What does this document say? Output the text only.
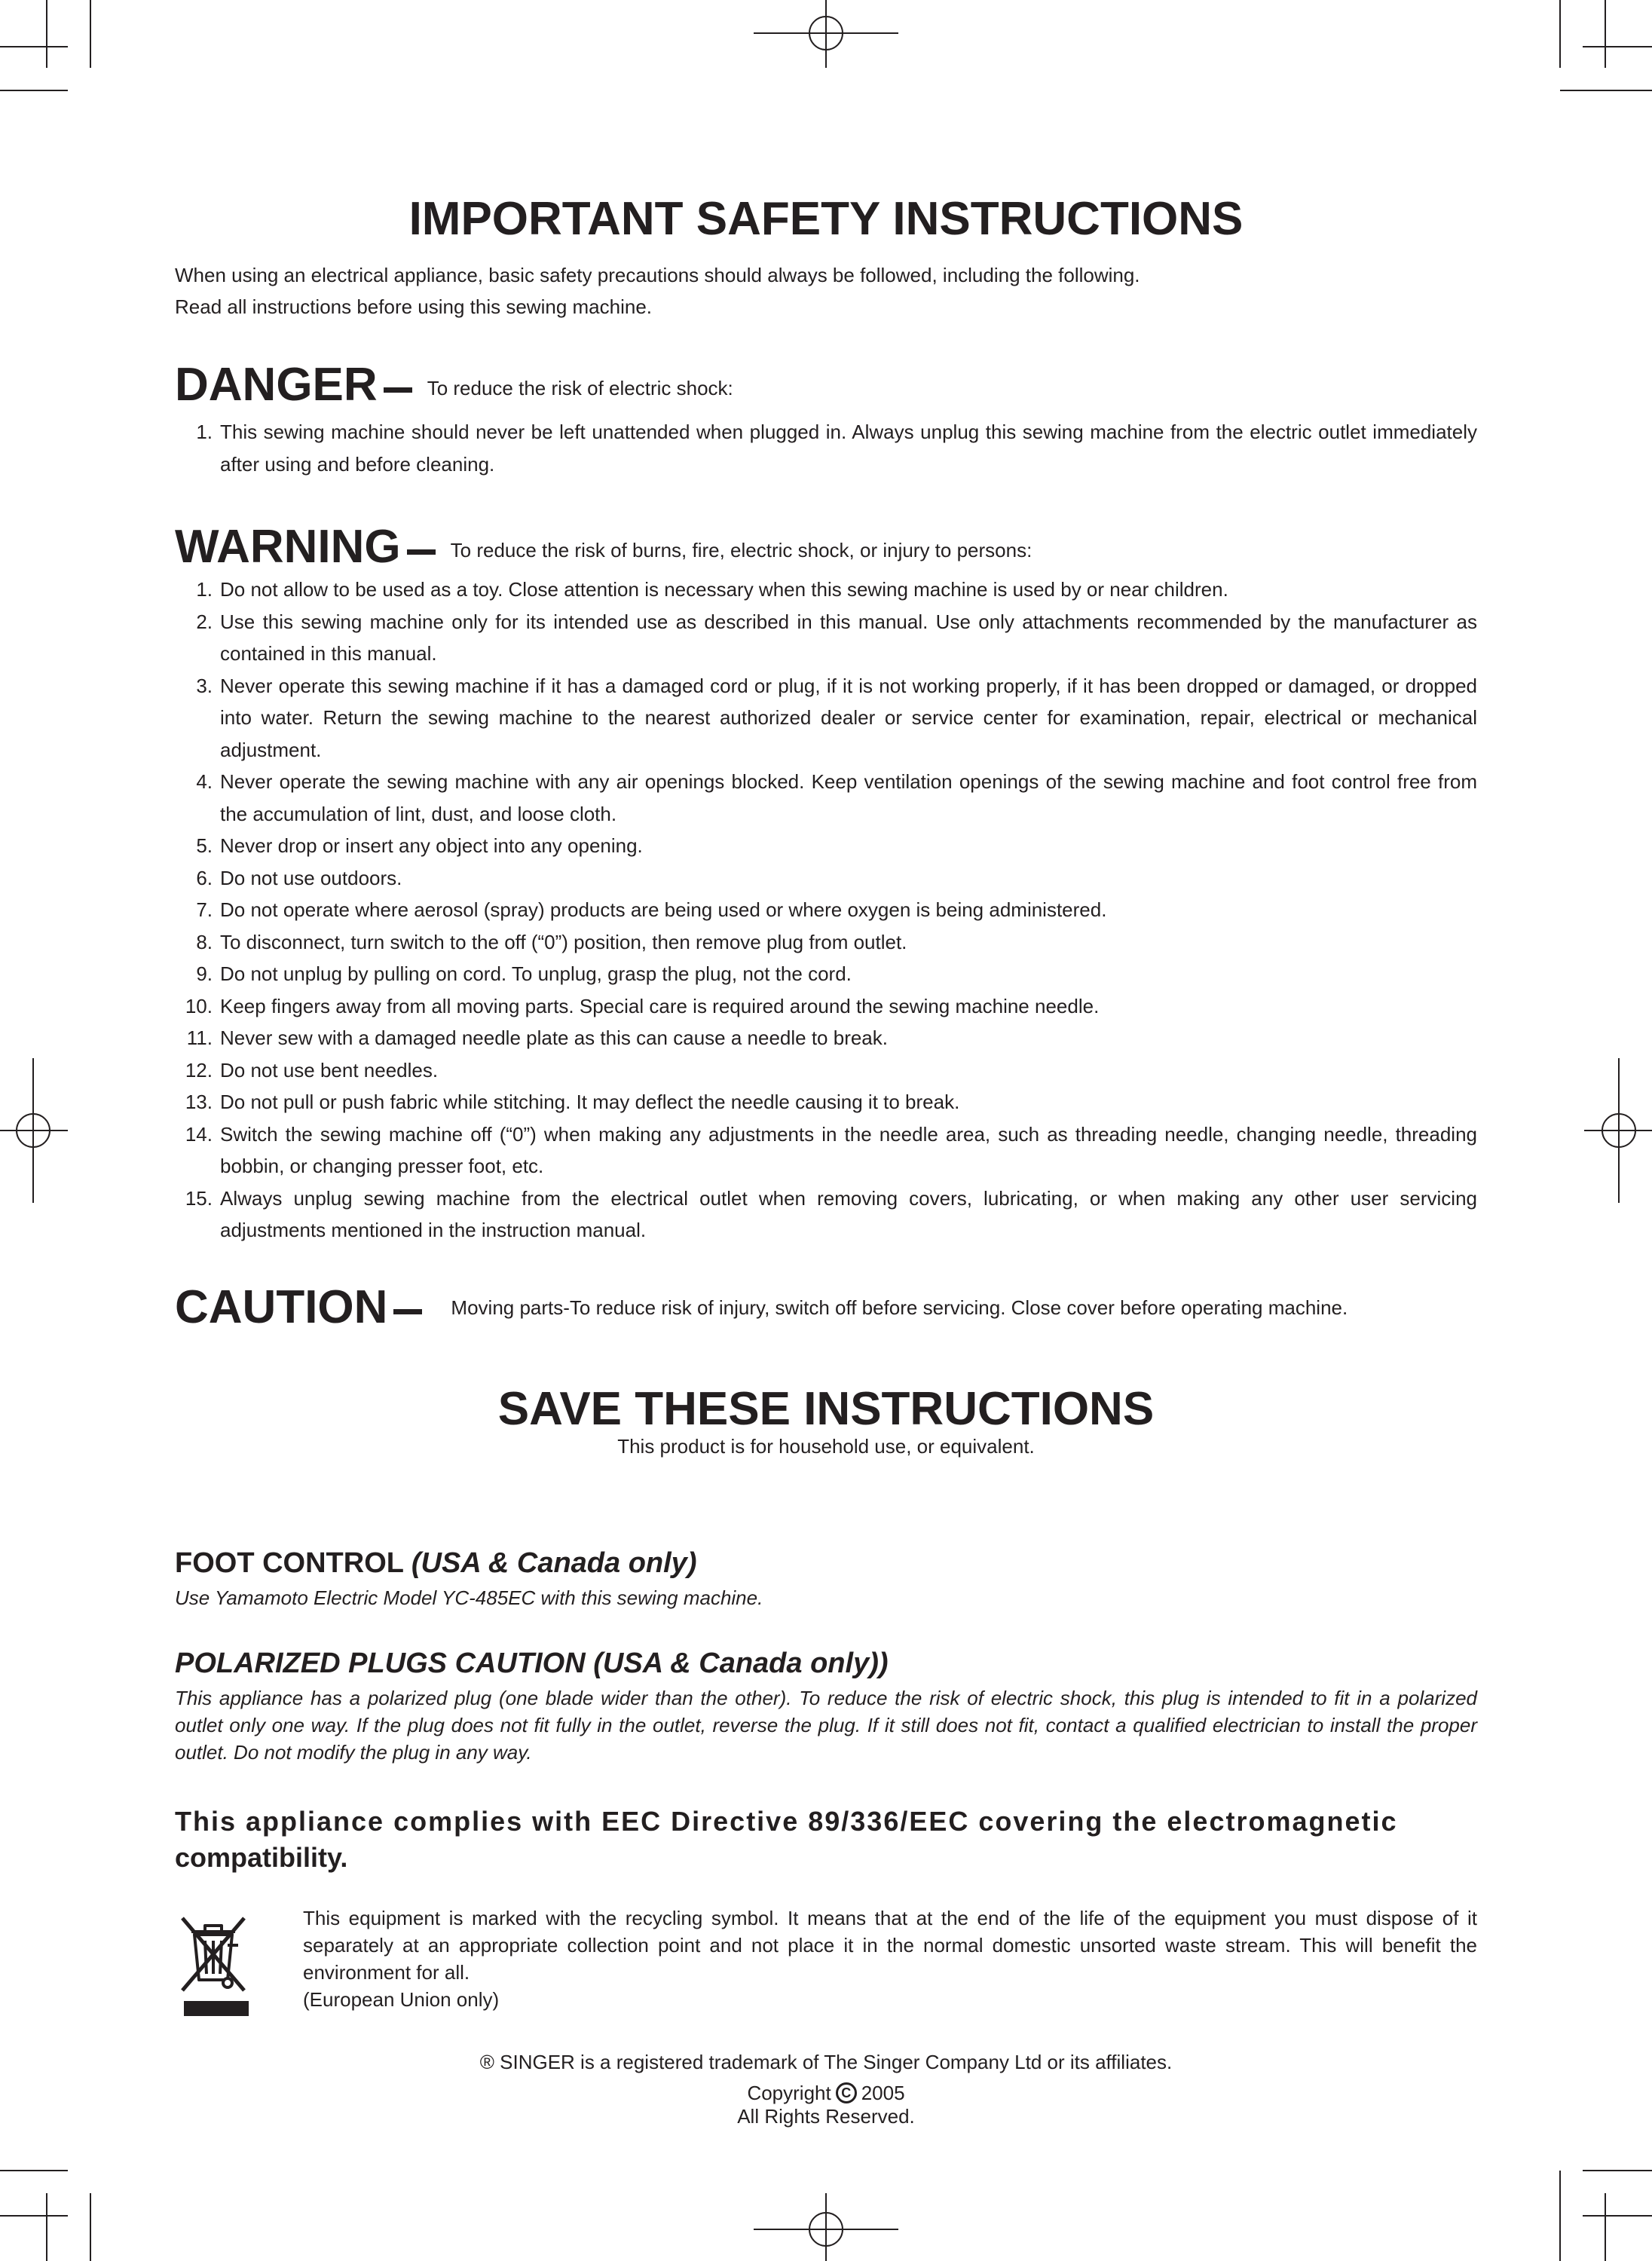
IMPORTANT SAFETY INSTRUCTIONS

When using an electrical appliance, basic safety precautions should always be followed, including the following.

Read all instructions before using this sewing machine.

DANGER	To reduce the risk of electric shock:
1. This sewing machine should never be left unattended when plugged in. Always unplug this sewing machine from the electric outlet immediately after using and before cleaning.
WARNING	To reduce the risk of burns, fire, electric shock, or injury to persons:
1. Do not allow to be used as a toy. Close attention is necessary when this sewing machine is used by or near children.
2. Use this sewing machine only for its intended use as described in this manual. Use only attachments recommended by the manufacturer as contained in this manual.
3. Never operate this sewing machine if it has a damaged cord or plug, if it is not working properly, if it has been dropped or damaged, or dropped into water. Return the sewing machine to the nearest authorized dealer or service center for examination, repair, electrical or mechanical adjustment.
4. Never operate the sewing machine with any air openings blocked. Keep ventilation openings of the sewing machine and foot control free from the accumulation of lint, dust, and loose cloth.
5. Never drop or insert any object into any opening.
6. Do not use outdoors.
7. Do not operate where aerosol (spray) products are being used or where oxygen is being administered.
8. To disconnect, turn switch to the off (“0”) position, then remove plug from outlet.
9. Do not unplug by pulling on cord. To unplug, grasp the plug, not the cord.
10. Keep fingers away from all moving parts. Special care is required around the sewing machine needle.
11. Never sew with a damaged needle plate as this can cause a needle to break.
12. Do not use bent needles.
13. Do not pull or push fabric while stitching. It may deflect the needle causing it to break.
14. Switch the sewing machine off (“0”) when making any adjustments in the needle area, such as threading needle, changing needle, threading bobbin, or changing presser foot, etc.
15. Always unplug sewing machine from the electrical outlet when removing covers, lubricating, or when making any other user servicing adjustments mentioned in the instruction manual.
CAUTION	Moving parts-To reduce risk of injury, switch off before servicing. Close cover before operating machine.
SAVE THESE INSTRUCTIONS

This product is for household use, or equivalent.

FOOT CONTROL (USA & Canada only)

Use Yamamoto Electric Model YC-485EC with this sewing machine.

POLARIZED PLUGS CAUTION (USA & Canada only))

This appliance has a polarized plug (one blade wider than the other). To reduce the risk of electric shock, this plug is intended to fit in a polarized outlet only one way. If the plug does not fit fully in the outlet, reverse the plug. If it still does not fit, contact a qualified electrician to install the proper outlet. Do not modify the plug in any way.

This appliance complies with EEC Directive 89/336/EEC covering the electromagnetic
compatibility.
This equipment is marked with the recycling symbol. It means that at the end of the life of the equipment you must dispose of it separately at an appropriate collection point and not place it in the normal domestic unsorted waste stream. This will benefit the environment for all.
(European Union only)

® SINGER is a registered trademark of The Singer Company Ltd or its affiliates.

Copyright C 2005

All Rights Reserved.
